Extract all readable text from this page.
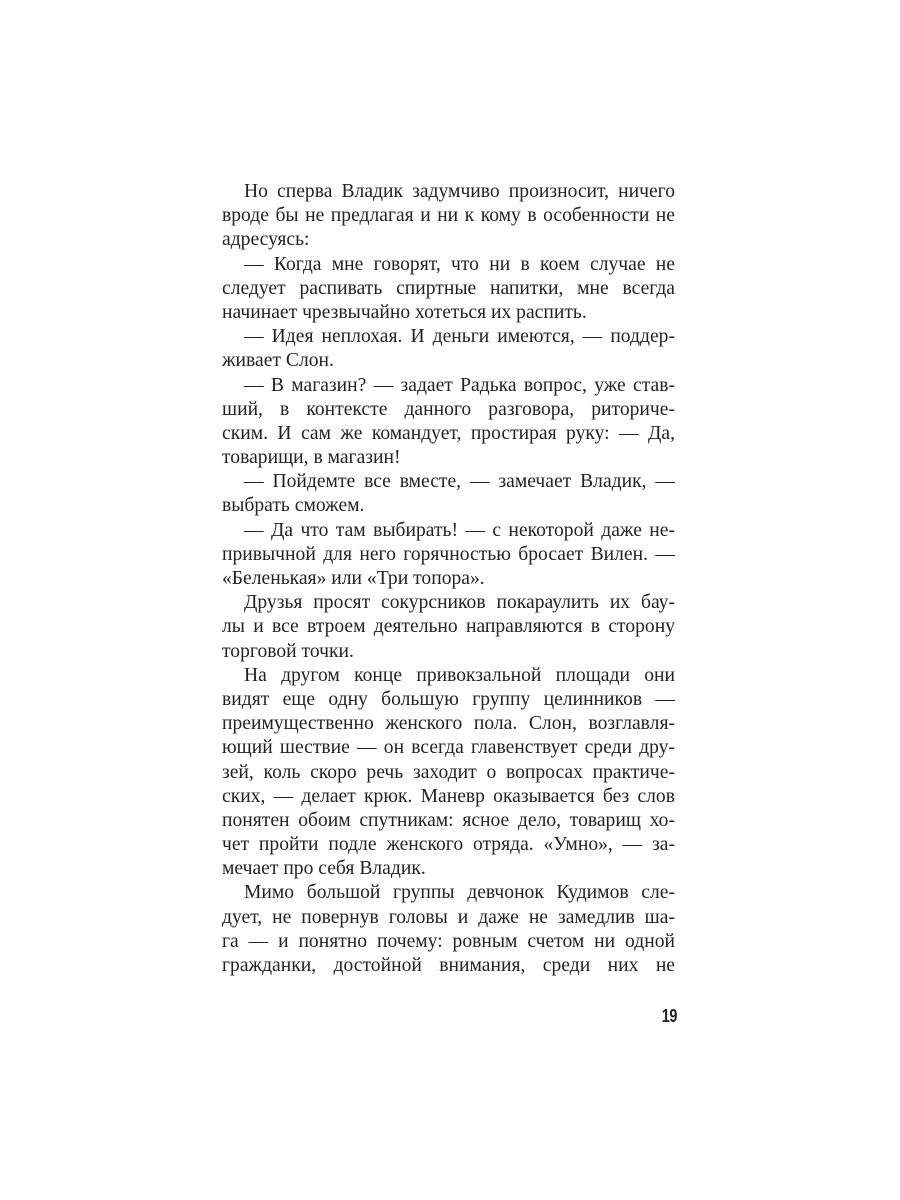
Но сперва Владик задумчиво произносит, ничего
вроде бы не предлагая и ни к кому в особенности не
адресуясь:
— Когда мне говорят, что ни в коем случае не
следует распивать спиртные напитки, мне всегда
начинает чрезвычайно хотеться их распить.
— Идея неплохая. И деньги имеются, — поддер-
живает Слон.
— В магазин? — задает Радька вопрос, уже став-
ший, в контексте данного разговора, риториче-
ским. И сам же командует, простирая руку: — Да,
товарищи, в магазин!
— Пойдемте все вместе, — замечает Владик, —
выбрать сможем.
— Да что там выбирать! — с некоторой даже не-
привычной для него горячностью бросает Вилен. —
«Беленькая» или «Три топора».
Друзья просят сокурсников покараулить их бау-
лы и все втроем деятельно направляются в сторону
торговой точки.
На другом конце привокзальной площади они
видят еще одну большую группу целинников —
преимущественно женского пола. Слон, возглавля-
ющий шествие — он всегда главенствует среди дру-
зей, коль скоро речь заходит о вопросах практиче-
ских, — делает крюк. Маневр оказывается без слов
понятен обоим спутникам: ясное дело, товарищ хо-
чет пройти подле женского отряда. «Умно», — за-
мечает про себя Владик.
Мимо большой группы девчонок Кудимов сле-
дует, не повернув головы и даже не замедлив ша-
га — и понятно почему: ровным счетом ни одной
гражданки, достойной внимания, среди них не
19
